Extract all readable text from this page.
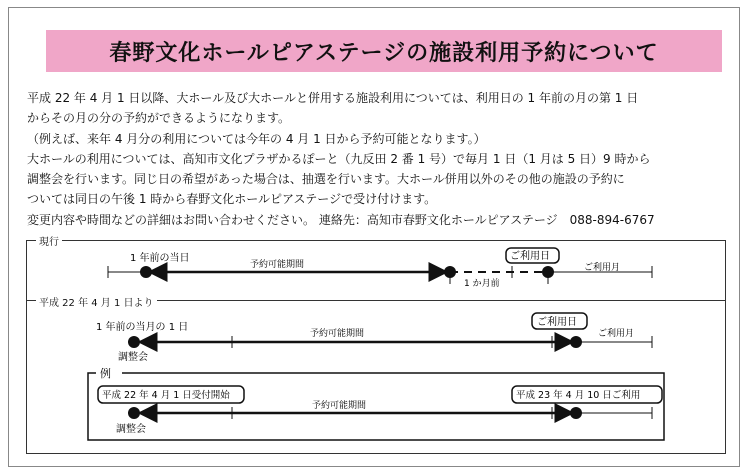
春野文化ホールピアステージの施設利用予約について
平成 22 年 4 月 1 日以降、大ホール及び大ホールと併用する施設利用については、利用日の 1 年前の月の第 1 日
からその月の分の予約ができるようになります。
（例えば、来年 4 月分の利用については今年の 4 月 1 日から予約可能となります。）
大ホールの利用については、高知市文化プラザかるぽーと（九反田 2 番 1 号）で毎月 1 日（1 月は 5 日）9 時から
調整会を行います。同じ日の希望があった場合は、抽選を行います。大ホール併用以外のその他の施設の予約に
ついては同日の午後 1 時から春野文化ホールピアステージで受け付けます。
変更内容や時間などの詳細はお問い合わせください。 連絡先：高知市春野文化ホールピアステージ　088-894-6767
現行
平成 22 年 4 月 1 日より
1 年前の当日
予約可能期間
1 か月前
ご利用日
ご利用月
1 年前の当月の 1 日
調整会
予約可能期間
ご利用日
ご利用月
例
平成 22 年 4 月 1 日受付開始
調整会
予約可能期間
平成 23 年 4 月 10 日ご利用
